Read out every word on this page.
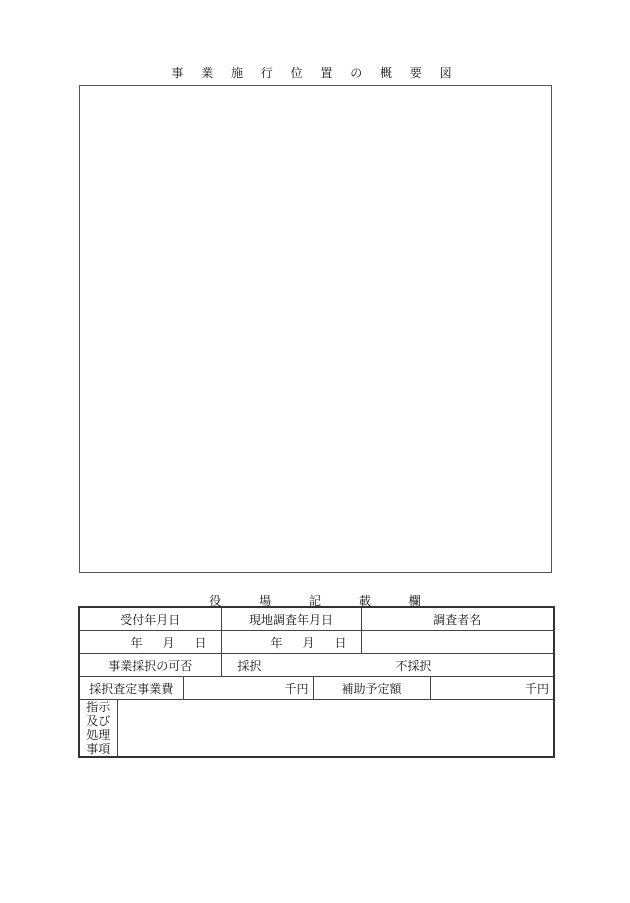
事 業 施 行 位 置 の 概 要 図
役	場	記	載	欄
受付年月日			現地調査年月日		調査者名	
年 月 日			年 月 日			
事業採択の可否			採択 不採択			
採択査定事業費		千円		補助予定額		千円

指示
及び
処理
事項						
